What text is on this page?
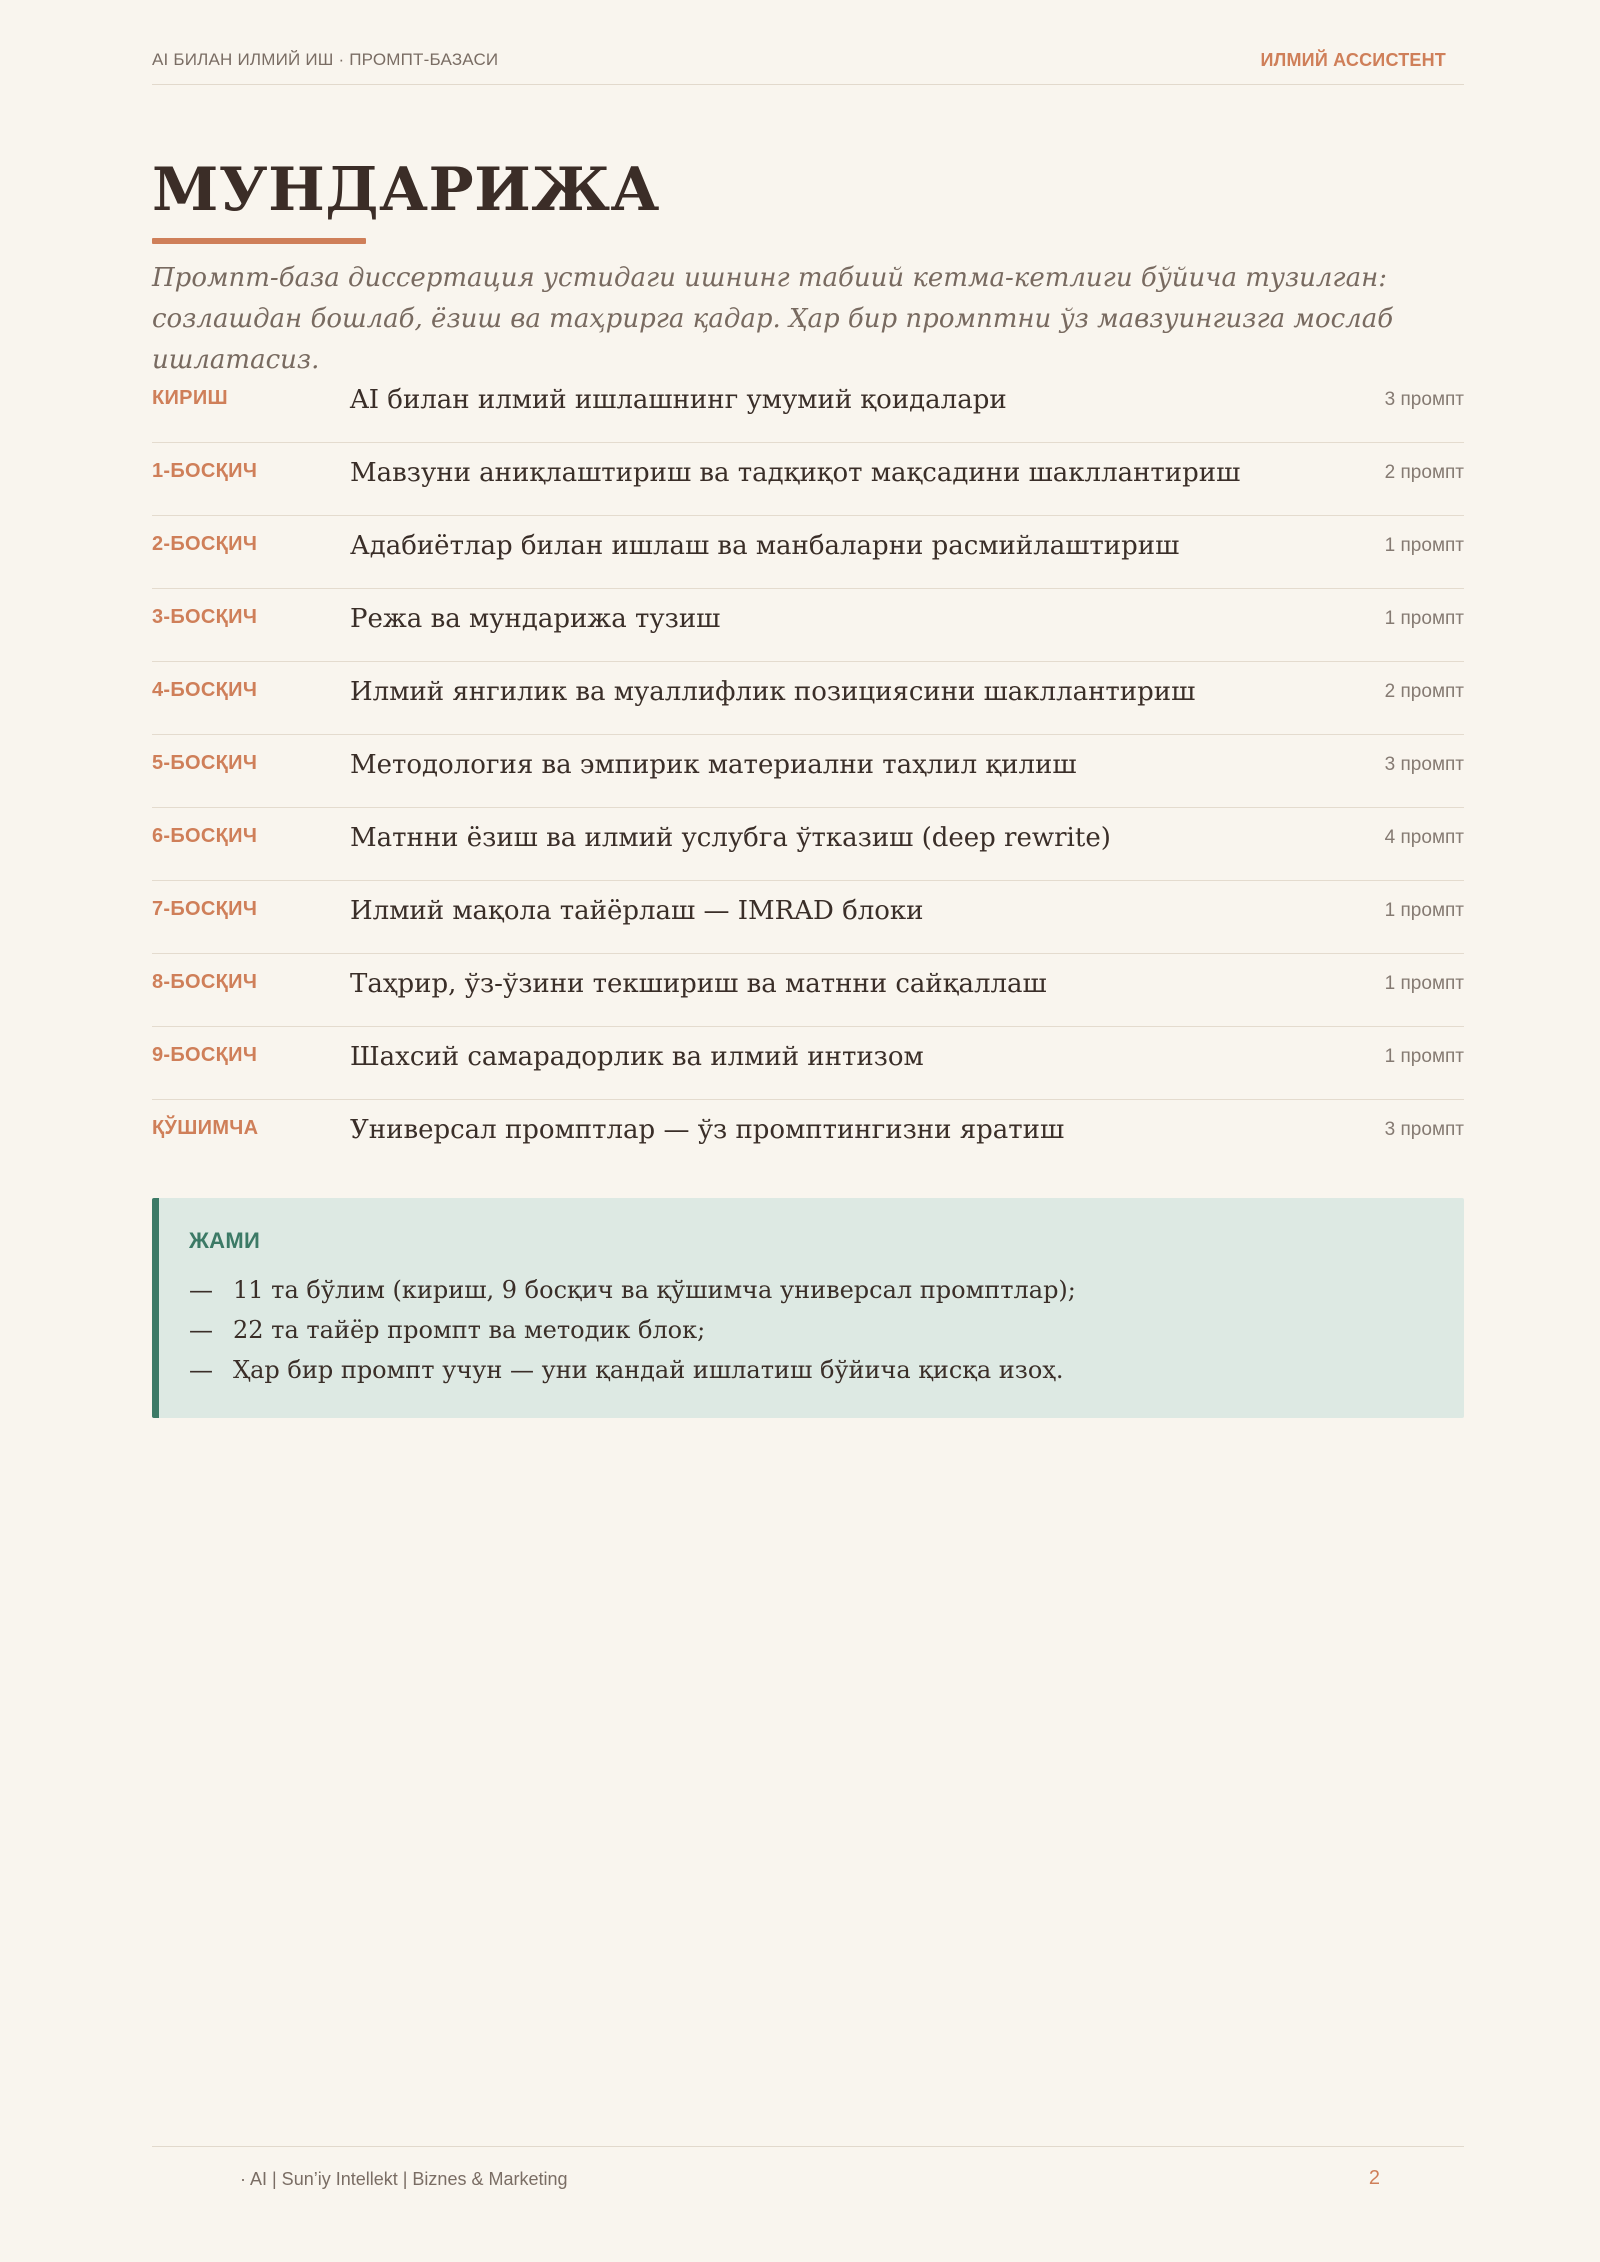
AI БИЛАН ИЛМИЙ ИШ · ПРОМПТ-БАЗАСИ	ИЛМИЙ АССИСТЕНТ
МУНДАРИЖА

Промпт-база диссертация устидаги ишнинг табиий кетма-кетлиги бўйича тузилган: созлашдан бошлаб, ёзиш ва таҳрирга қадар. Ҳар бир промптни ўз мавзуингизга мослаб ишлатасиз.

КИРИШ	AI билан илмий ишлашнинг умумий қоидалари	3 промпт
1-БОСҚИЧ	Мавзуни аниқлаштириш ва тадқиқот мақсадини шакллантириш	2 промпт
2-БОСҚИЧ	Адабиётлар билан ишлаш ва манбаларни расмийлаштириш	1 промпт
3-БОСҚИЧ	Режа ва мундарижа тузиш	1 промпт
4-БОСҚИЧ	Илмий янгилик ва муаллифлик позициясини шакллантириш	2 промпт
5-БОСҚИЧ	Методология ва эмпирик материални таҳлил қилиш	3 промпт
6-БОСҚИЧ	Матнни ёзиш ва илмий услубга ўтказиш (deep rewrite)	4 промпт
7-БОСҚИЧ	Илмий мақола тайёрлаш — IMRAD блоки	1 промпт
8-БОСҚИЧ	Таҳрир, ўз-ўзини текшириш ва матнни сайқаллаш	1 промпт
9-БОСҚИЧ	Шахсий самарадорлик ва илмий интизом	1 промпт
ҚЎШИМЧА	Универсал промптлар — ўз промптингизни яратиш	3 промпт
ЖАМИ
— 11 та бўлим (кириш, 9 босқич ва қўшимча универсал промптлар);
— 22 та тайёр промпт ва методик блок;
— Ҳар бир промпт учун — уни қандай ишлатиш бўйича қисқа изоҳ.
· AI | Sun’iy Intellekt | Biznes & Marketing	2
